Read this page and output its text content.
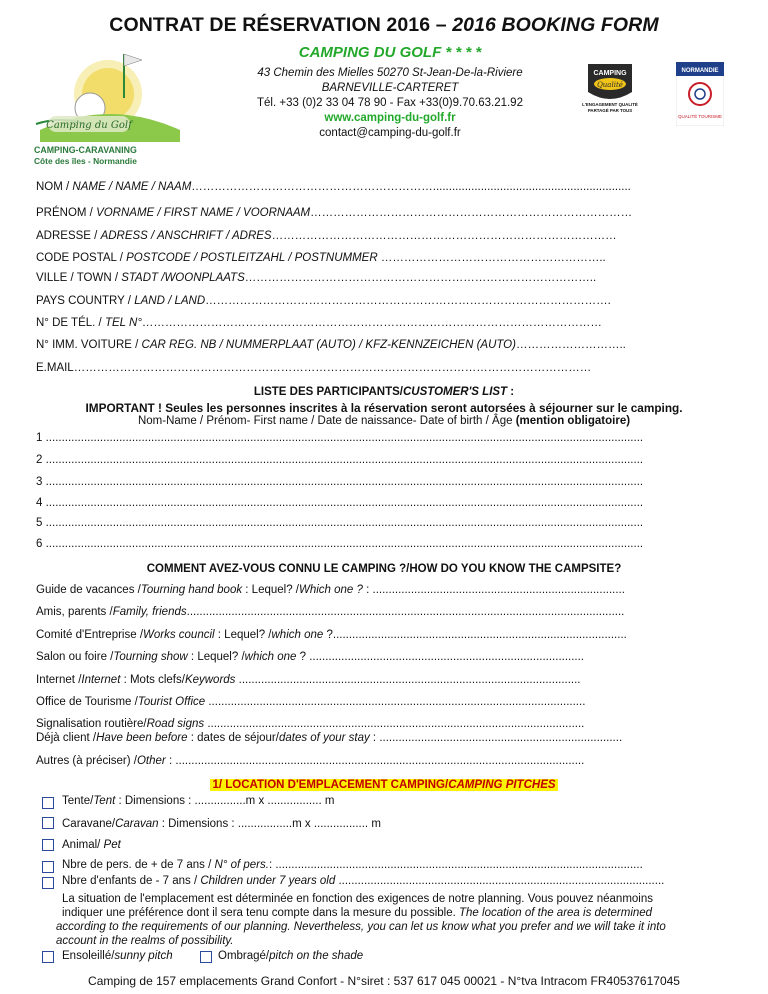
CONTRAT DE RÉSERVATION 2016 – 2016 BOOKING FORM
CAMPING DU GOLF * * * *
43 Chemin des Mielles 50270 St-Jean-De-la-Riviere
BARNEVILLE-CARTERET
Tél. +33 (0)2 33 04 78 90 - Fax +33(0)9.70.63.21.92
www.camping-du-golf.fr
contact@camping-du-golf.fr
Camping du Golf
CAMPING-CARAVANING
Côte des îles - Normandie
CAMPING
Qualité
L'ENGAGEMENT QUALITÉ
PARTAGÉ PAR TOUS
NORMANDIE
QUALITÉ TOURISME
NOM / NAME / NAME / NAAM………………………………………………………..............................................................
PRÉNOM / VORNAME / FIRST NAME / VOORNAAM…………………………………………………………………………
ADRESSE / ADRESS / ANSCHRIFT / ADRES………………………………………………………………………………
CODE POSTAL / POSTCODE / POSTLEITZAHL / POSTNUMMER …………………………………………………..
VILLE / TOWN / STADT /WOONPLAATS………………………………………………………………………………..
PAYS COUNTRY / LAND / LAND…………………………………………………………………………………………….
N° DE TÉL. / TEL N°…………………………………………………………………………………………………………
N° IMM. VOITURE / CAR REG. NB / NUMMERPLAAT (AUTO) / KFZ-KENNZEICHEN (AUTO)………………………..
E.MAIL………………………………………………………………………………………………………………………
LISTE DES PARTICIPANTS/CUSTOMER'S LIST :
IMPORTANT ! Seules les personnes inscrites à la réservation seront autorsées à séjourner sur le camping.
Nom-Name / Prénom- First name / Date de naissance- Date of birth / Âge (mention obligatoire)
1 ...........................................................................................................................................................................................
2 ...........................................................................................................................................................................................
3 ...........................................................................................................................................................................................
4 ...........................................................................................................................................................................................
5 ...........................................................................................................................................................................................
6 ...........................................................................................................................................................................................
COMMENT AVEZ-VOUS CONNU LE CAMPING ?/HOW DO YOU KNOW THE CAMPSITE?
Guide de vacances /Tourning hand book : Lequel? /Which one ? : ...............................................................................
Amis, parents /Family, friends.........................................................................................................................................
Comité d'Entreprise /Works council : Lequel? /which one ?............................................................................................
Salon ou foire /Tourning show : Lequel? /which one ? ......................................................................................
Internet /Internet : Mots clefs/Keywords ...........................................................................................................
Office de Tourisme /Tourist Office ......................................................................................................................
Signalisation routière/Road signs ......................................................................................................................
Déjà client /Have been before : dates de séjour/dates of your stay : ............................................................................
Autres (à préciser) /Other : ................................................................................................................................
1/ LOCATION D'EMPLACEMENT CAMPING/CAMPING PITCHES
Tente/Tent : Dimensions : ................m x ................. m
Caravane/Caravan : Dimensions : .................m x ................. m
Animal/ Pet
Nbre de pers. de + de 7 ans / N° of pers.: ...................................................................................................................
Nbre d'enfants de - 7 ans / Children under 7 years old ......................................................................................................
La situation de l'emplacement est déterminée en fonction des exigences de notre planning. Vous pouvez néanmoins
indiquer une préférence dont il sera tenu compte dans la mesure du possible. The location of the area is determined
according to the requirements of our planning. Nevertheless, you can let us know what you prefer and we will take it into
account in the realms of possibility.
Ensoleillé/sunny pitch	Ombragé/pitch on the shade
Camping de 157 emplacements Grand Confort - N°siret : 537 617 045 00021 - N°tva Intracom FR40537617045
